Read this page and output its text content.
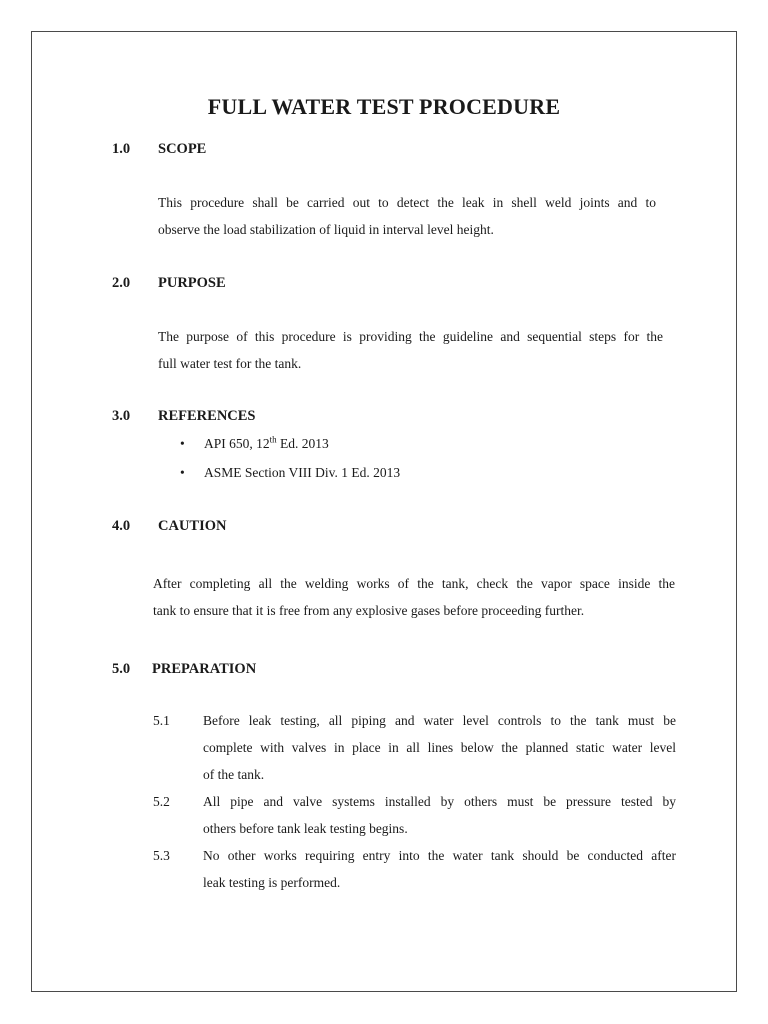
FULL WATER TEST PROCEDURE
1.0 SCOPE
This procedure shall be carried out to detect the leak in shell weld joints and to
observe the load stabilization of liquid in interval level height.
2.0 PURPOSE
The purpose of this procedure is providing the guideline and sequential steps for the
full water test for the tank.
3.0 REFERENCES
• API 650, 12th Ed. 2013
• ASME Section VIII Div. 1 Ed. 2013
4.0 CAUTION
After completing all the welding works of the tank, check the vapor space inside the
tank to ensure that it is free from any explosive gases before proceeding further.
5.0 PREPARATION
5.1 Before leak testing, all piping and water level controls to the tank must be
complete with valves in place in all lines below the planned static water level
of the tank.
5.2 All pipe and valve systems installed by others must be pressure tested by
others before tank leak testing begins.
5.3 No other works requiring entry into the water tank should be conducted after
leak testing is performed.
